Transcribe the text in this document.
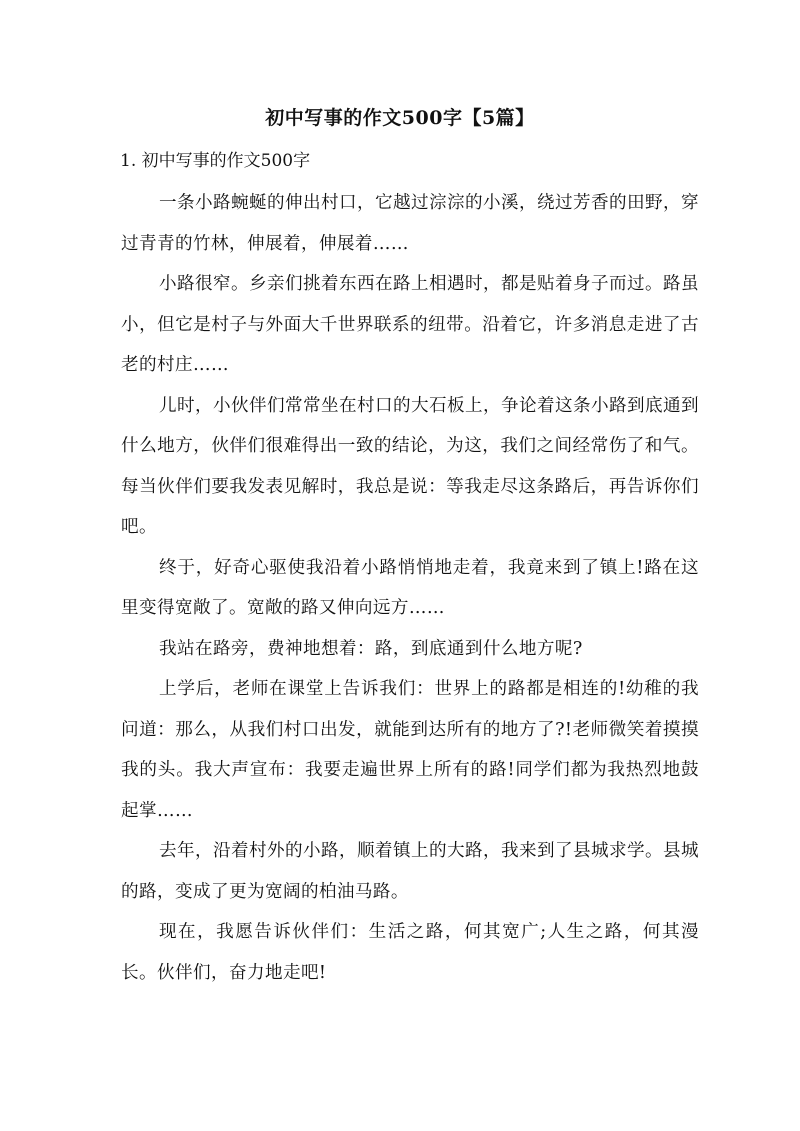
初中写事的作文500字【5篇】
1. 初中写事的作文500字

一条小路蜿蜒的伸出村口，它越过淙淙的小溪，绕过芳香的田野，穿过青青的竹林，伸展着，伸展着……

小路很窄。乡亲们挑着东西在路上相遇时，都是贴着身子而过。路虽小，但它是村子与外面大千世界联系的纽带。沿着它，许多消息走进了古老的村庄……

儿时，小伙伴们常常坐在村口的大石板上，争论着这条小路到底通到什么地方，伙伴们很难得出一致的结论，为这，我们之间经常伤了和气。每当伙伴们要我发表见解时，我总是说：等我走尽这条路后，再告诉你们吧。

终于，好奇心驱使我沿着小路悄悄地走着，我竟来到了镇上!路在这里变得宽敞了。宽敞的路又伸向远方……

我站在路旁，费神地想着：路，到底通到什么地方呢?

上学后，老师在课堂上告诉我们：世界上的路都是相连的!幼稚的我问道：那么，从我们村口出发，就能到达所有的地方了?!老师微笑着摸摸我的头。我大声宣布：我要走遍世界上所有的路!同学们都为我热烈地鼓起掌……

去年，沿着村外的小路，顺着镇上的大路，我来到了县城求学。县城的路，变成了更为宽阔的柏油马路。

现在，我愿告诉伙伴们：生活之路，何其宽广;人生之路，何其漫长。伙伴们，奋力地走吧!
